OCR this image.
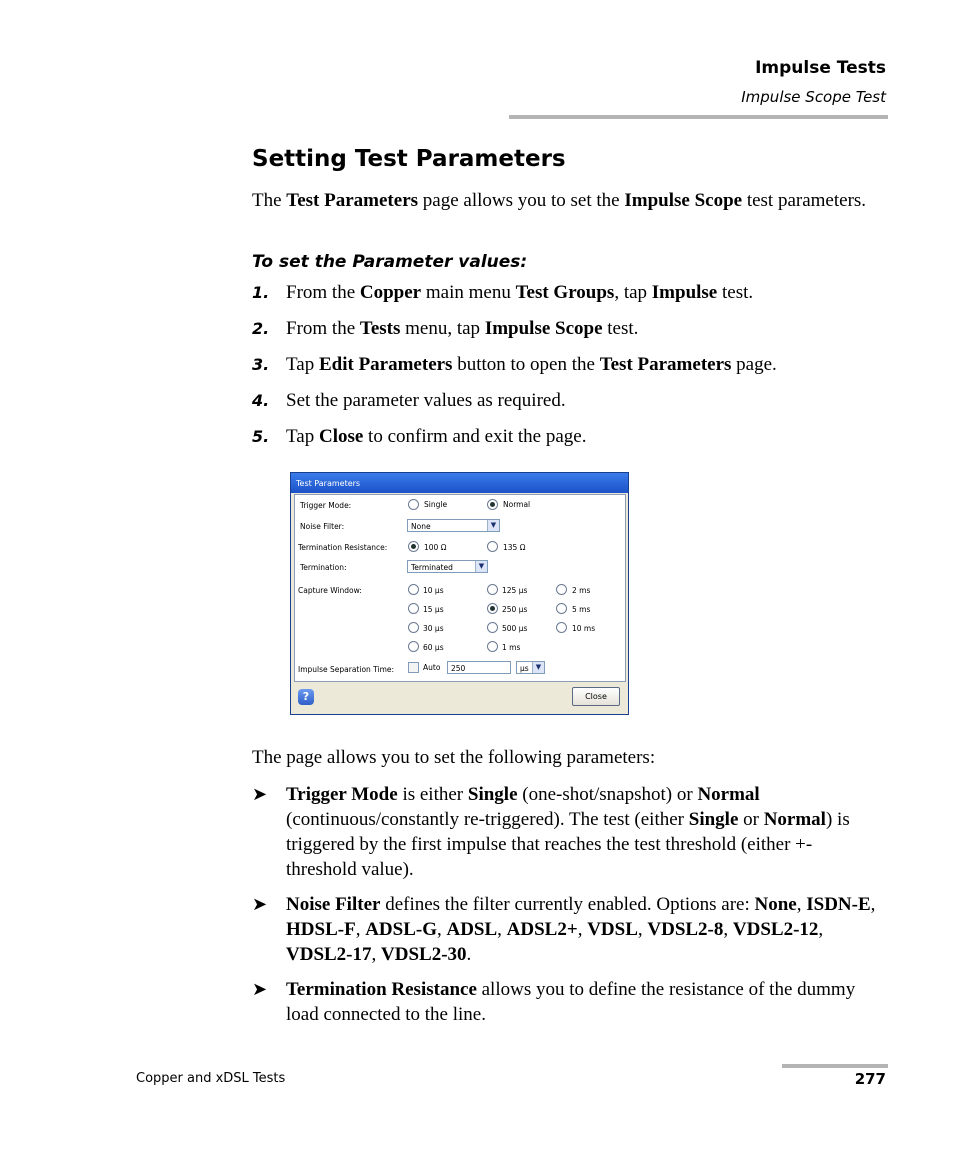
Impulse Tests
Impulse Scope Test
Setting Test Parameters
The Test Parameters page allows you to set the Impulse Scope test parameters.
To set the Parameter values:
1. From the Copper main menu Test Groups, tap Impulse test.
2. From the Tests menu, tap Impulse Scope test.
3. Tap Edit Parameters button to open the Test Parameters page.
4. Set the parameter values as required.
5. Tap Close to confirm and exit the page.
Test Parameters
Trigger Mode:	Single	Normal
Noise Filter:	None	▼
Termination Resistance:	100 Ω	135 Ω
Termination:	Terminated	▼
Capture Window:	10 µs	125 µs	2 ms
15 µs	250 µs	5 ms
30 µs	500 µs	10 ms
60 µs	1 ms
Impulse Separation Time:	Auto 250	µs	▼
?	Close
The page allows you to set the following parameters:
➤ Trigger Mode is either Single (one-shot/snapshot) or Normal (continuous/constantly re-triggered). The test (either Single or Normal) is triggered by the first impulse that reaches the test threshold (either +- threshold value).
➤ Noise Filter defines the filter currently enabled. Options are: None, ISDN-E, HDSL-F, ADSL-G, ADSL, ADSL2+, VDSL, VDSL2-8, VDSL2-12, VDSL2-17, VDSL2-30.
➤ Termination Resistance allows you to define the resistance of the dummy load connected to the line.
Copper and xDSL Tests	277
